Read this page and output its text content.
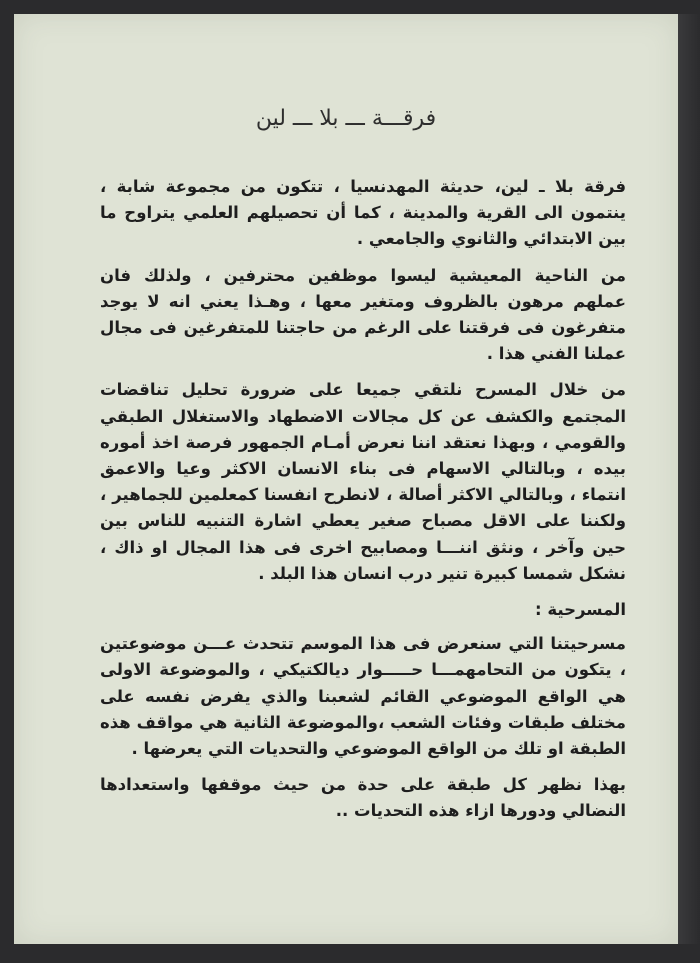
فرقـــة ـــ بلا ـــ لين

فرقة بلا ـ لين، حديثة المهدنسيا ، تتكون من مجموعة شابة ، ينتمون الى القرية والمدينة ، كما أن تحصيلهم العلمي يتراوح ما بين الابتدائي والثانوي والجامعي .

من الناحية المعيشية ليسوا موظفين محترفين ، ولذلك فان عملهم مرهون بالظروف ومتغير معها ، وهـذا يعني انه لا يوجد متفرغون فى فرقتنا على الرغم من حاجتنا للمتفرغين فى مجال عملنا الفني هذا .

من خلال المسرح نلتقي جميعا على ضرورة تحليل تناقضات المجتمع والكشف عن كل مجالات الاضطهاد والاستغلال الطبقي والقومي ، وبهذا نعتقد اننا نعرض أمـام الجمهور فرصة اخذ أموره بيده ، وبالتالي الاسهام فى بناء الانسان الاكثر وعيا والاعمق انتماء ، وبالتالي الاكثر أصالة ، لانطرح انفسنا كمعلمين للجماهير ، ولكننا على الاقل مصباح صغير يعطي اشارة التنبيه للناس بين حين وآخر ، ونثق اننـــا ومصابيح اخرى فى هذا المجال او ذاك ، نشكل شمسا كبيرة تنير درب انسان هذا البلد .

المسرحية :

مسرحيتنا التي سنعرض فى هذا الموسم تتحدث عـــن موضوعتين ، يتكون من التحامهمـــا حـــــوار ديالكتيكي ، والموضوعة الاولى هي الواقع الموضوعي القائم لشعبنا والذي يفرض نفسه على مختلف طبقات وفئات الشعب ،والموضوعة الثانية هي مواقف هذه الطبقة او تلك من الواقع الموضوعي والتحديات التي يعرضها .

بهذا نظهر كل طبقة على حدة من حيث موقفها واستعدادها النضالي ودورها ازاء هذه التحديات ..
